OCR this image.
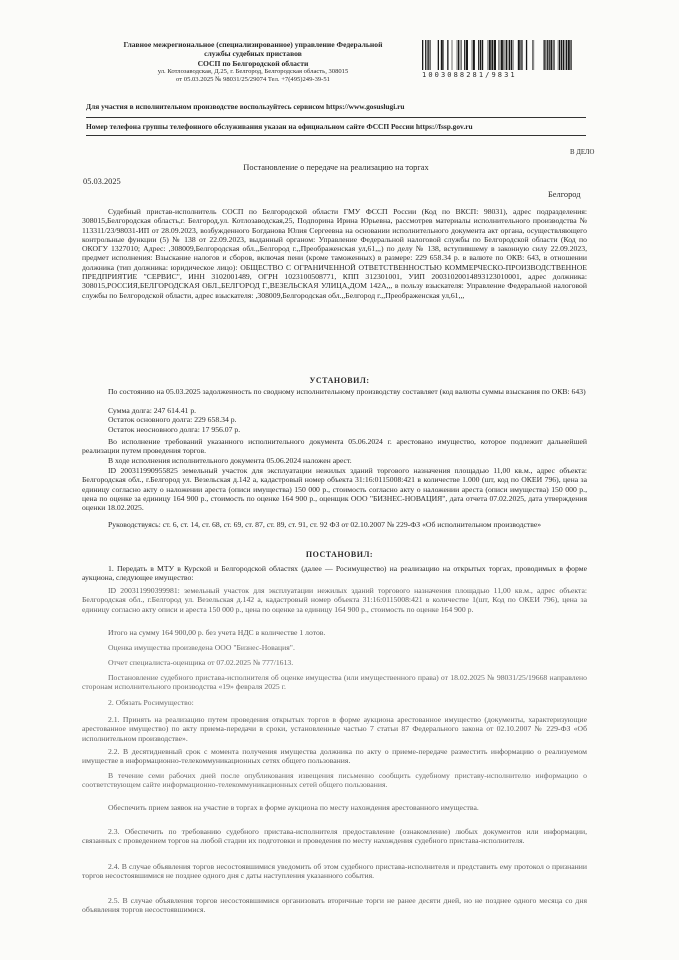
Главное межрегиональное (специализированное) управление Федеральной
службы судебных приставов
СОСП по Белгородской области
ул. Котлозаводская, Д.25, г. Белгород, Белгородская область, 308015
от 05.03.2025 № 98031/25/29074 Тел. +7(495)249-39-51
1003088281/9831
Для участия в исполнительном производстве воспользуйтесь сервисом https://www.gosuslugi.ru
Номер телефона группы телефонного обслуживания указан на официальном сайте ФССП России https://fssp.gov.ru
В ДЕЛО
Постановление о передаче на реализацию на торгах
05.03.2025
Белгород
Судебный пристав-исполнитель СОСП по Белгородской области ГМУ ФССП России (Код по ВКСП: 98031), адрес подразделения: 308015,Белгородская область,г. Белгород,ул. Котлозаводская,25, Подпорина Ирина Юрьевна, рассмотрев материалы исполнительного производства № 113311/23/98031-ИП от 28.09.2023, возбужденного Богданова Юлия Сергеевна на основании исполнительного документа акт органа, осуществляющего контрольные функции (5) № 138 от 22.09.2023, выданный органом: Управление Федеральной налоговой службы по Белгородской области (Код по ОКОГУ 1327010; Адрес: ,308009,Белгородская обл.,,Белгород г.,,Преображенская ул,61,,,) по делу № 138, вступившему в законную силу 22.09.2023, предмет исполнения: Взыскание налогов и сборов, включая пени (кроме таможенных) в размере: 229 658.34 р. в валюте по ОКВ: 643, в отношении должника (тип должника: юридическое лицо): ОБЩЕСТВО С ОГРАНИЧЕННОЙ ОТВЕТСТВЕННОСТЬЮ КОММЕРЧЕСКО-ПРОИЗВОДСТВЕННОЕ ПРЕДПРИЯТИЕ "СЕРВИС", ИНН 3102001489, ОГРН 1023100508771, КПП 312301001, УИП 20031020014893123010001, адрес должника: 308015,РОССИЯ,БЕЛГОРОДСКАЯ ОБЛ.,БЕЛГОРОД Г.,ВЕЗЕЛЬСКАЯ УЛИЦА,ДОМ 142А,,, в пользу взыскателя: Управление Федеральной налоговой службы по Белгородской области, адрес взыскателя: ,308009,Белгородская обл.,,Белгород г.,,Преображенская ул,61,,,
УСТАНОВИЛ:
По состоянию на 05.03.2025 задолженность по сводному исполнительному производству составляет (код валюты суммы взыскания по ОКВ: 643)
Сумма долга: 247 614.41 р.
Остаток основного долга: 229 658.34 р.
Остаток неосновного долга: 17 956.07 р.
Во исполнение требований указанного исполнительного документа 05.06.2024 г. арестовано имущество, которое подлежит дальнейшей реализации путем проведения торгов.
В ходе исполнения исполнительного документа 05.06.2024 наложен арест.
ID 200311990955825 земельный участок для эксплуатации нежилых зданий торгового назначения площадью 11,00 кв.м., адрес объекта: Белгородская обл., г.Белгород ул. Везельская д.142 а, кадастровый номер объекта 31:16:0115008:421 в количестве 1.000 (шт, код по ОКЕИ 796), цена за единицу согласно акту о наложении ареста (описи имущества) 150 000 р., стоимость согласно акту о наложении ареста (описи имущества) 150 000 р., цена по оценке за единицу 164 900 р., стоимость по оценке 164 900 р., оценщик ООО "БИЗНЕС-НОВАЦИЯ", дата отчета 07.02.2025, дата утверждения оценки 18.02.2025.
Руководствуясь: ст. 6, ст. 14, ст. 68, ст. 69, ст. 87, ст. 89, ст. 91, ст. 92 ФЗ от 02.10.2007 № 229-ФЗ «Об исполнительном производстве»
ПОСТАНОВИЛ:
1. Передать в МТУ в Курской и Белгородской областях (далее — Росимущество) на реализацию на открытых торгах, проводимых в форме аукциона, следующее имущество:
ID 200311990399981: земельный участок для эксплуатации нежилых зданий торгового назначения площадью 11,00 кв.м., адрес объекта: Белгородская обл., г.Белгород ул. Везельская д.142 а, кадастровый номер объекта 31:16:0115008:421 в количестве 1(шт, Код по ОКЕИ 796), цена за единицу согласно акту описи и ареста 150 000 р., цена по оценке за единицу 164 900 р., стоимость по оценке 164 900 р.
Итого на сумму 164 900,00 р. без учета НДС в количестве 1 лотов.
Оценка имущества произведена ООО "Бизнес-Новация".
Отчет специалиста-оценщика от 07.02.2025 № 777/1613.
Постановление судебного пристава-исполнителя об оценке имущества (или имущественного права) от 18.02.2025 № 98031/25/19668 направлено сторонам исполнительного производства «19» февраля 2025 г.
2. Обязать Росимущество:
2.1. Принять на реализацию путем проведения открытых торгов в форме аукциона арестованное имущество (документы, характеризующие арестованное имущество) по акту приема-передачи в сроки, установленные частью 7 статьи 87 Федерального закона от 02.10.2007 № 229-ФЗ «Об исполнительном производстве».
2.2. В десятидневный срок с момента получения имущества должника по акту о приеме-передаче разместить информацию о реализуемом имуществе в информационно-телекоммуникационных сетях общего пользования.
В течение семи рабочих дней после опубликования извещения письменно сообщить судебному приставу-исполнителю информацию о соответствующем сайте информационно-телекоммуникационных сетей общего пользования.
Обеспечить прием заявок на участие в торгах в форме аукциона по месту нахождения арестованного имущества.
2.3. Обеспечить по требованию судебного пристава-исполнителя предоставление (ознакомление) любых документов или информации, связанных с проведением торгов на любой стадии их подготовки и проведения по месту нахождения судебного пристава-исполнителя.
2.4. В случае объявления торгов несостоявшимися уведомить об этом судебного пристава-исполнителя и представить ему протокол о признании торгов несостоявшимися не позднее одного дня с даты наступления указанного события.
2.5. В случае объявления торгов несостоявшимися организовать вторичные торги не ранее десяти дней, но не позднее одного месяца со дня объявления торгов несостоявшимися.
